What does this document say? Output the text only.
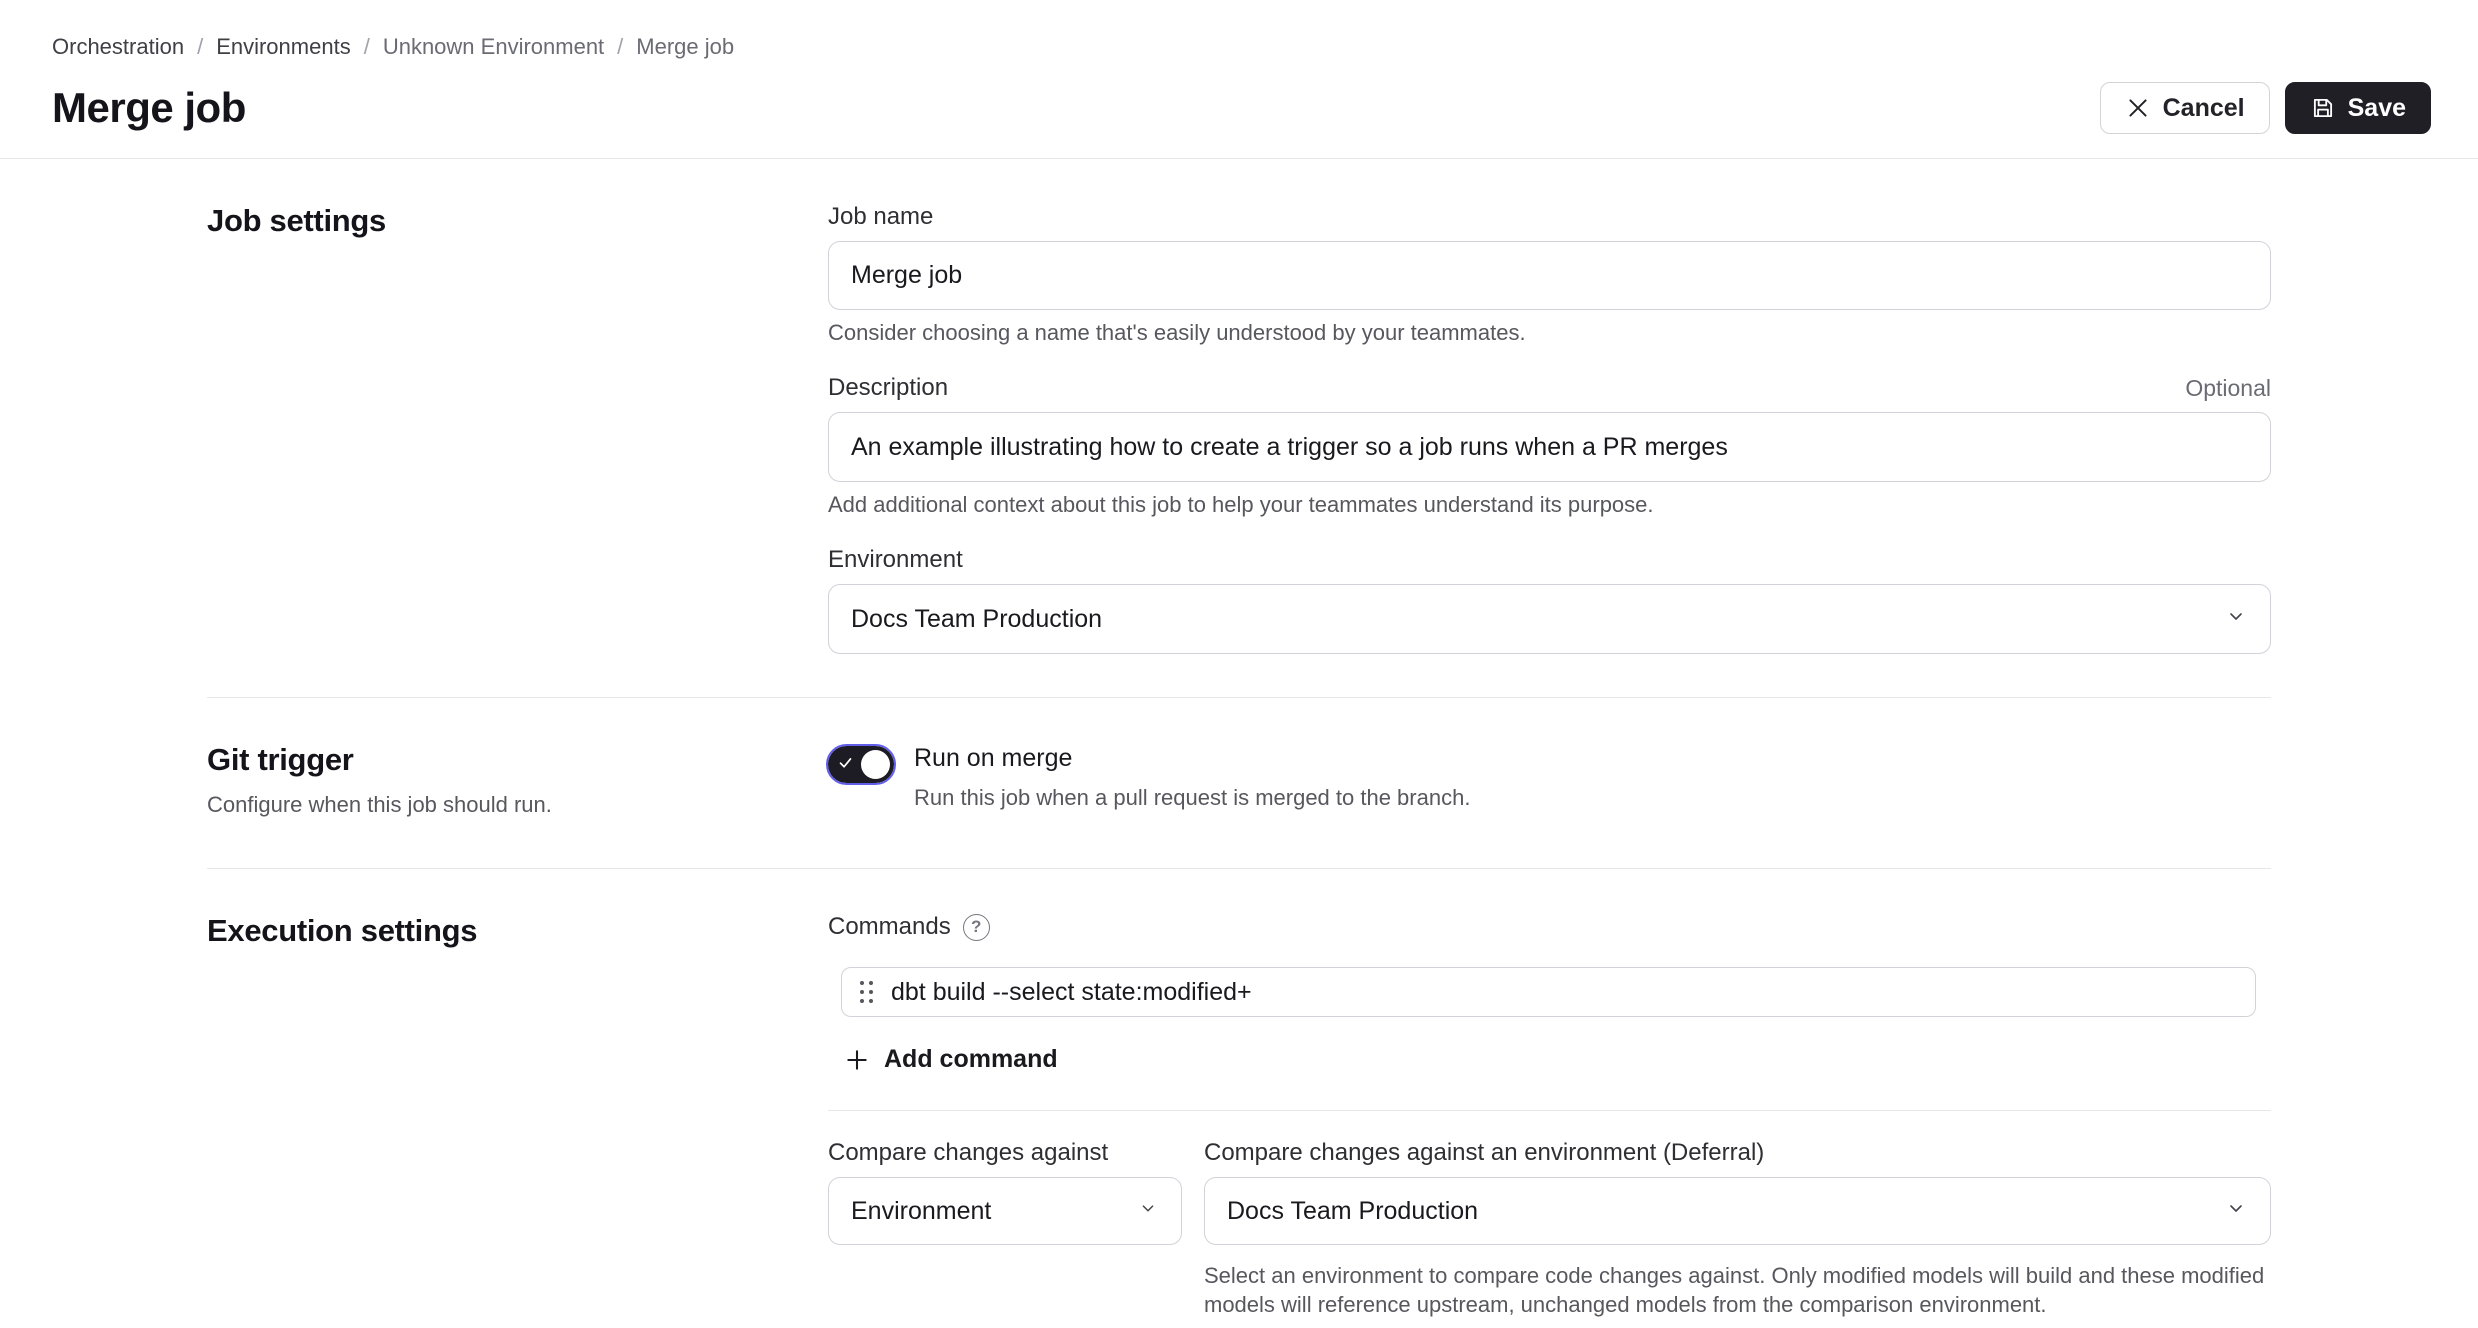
Orchestration / Environments / Unknown Environment / Merge job
Merge job	Cancel	Save
Job settings	Job name
Merge job
Consider choosing a name that's easily understood by your teammates.
Description	Optional
An example illustrating how to create a trigger so a job runs when a PR merges
Add additional context about this job to help your teammates understand its purpose.
Environment
Docs Team Production
Git trigger
Configure when this job should run.
Run on merge
Run this job when a pull request is merged to the branch.
Execution settings	Commands	?
dbt build --select state:modified+
Add command
Compare changes against
Environment
Compare changes against an environment (Deferral)
Docs Team Production
Select an environment to compare code changes against. Only modified models will build and these modified models will reference upstream, unchanged models from the comparison environment.
